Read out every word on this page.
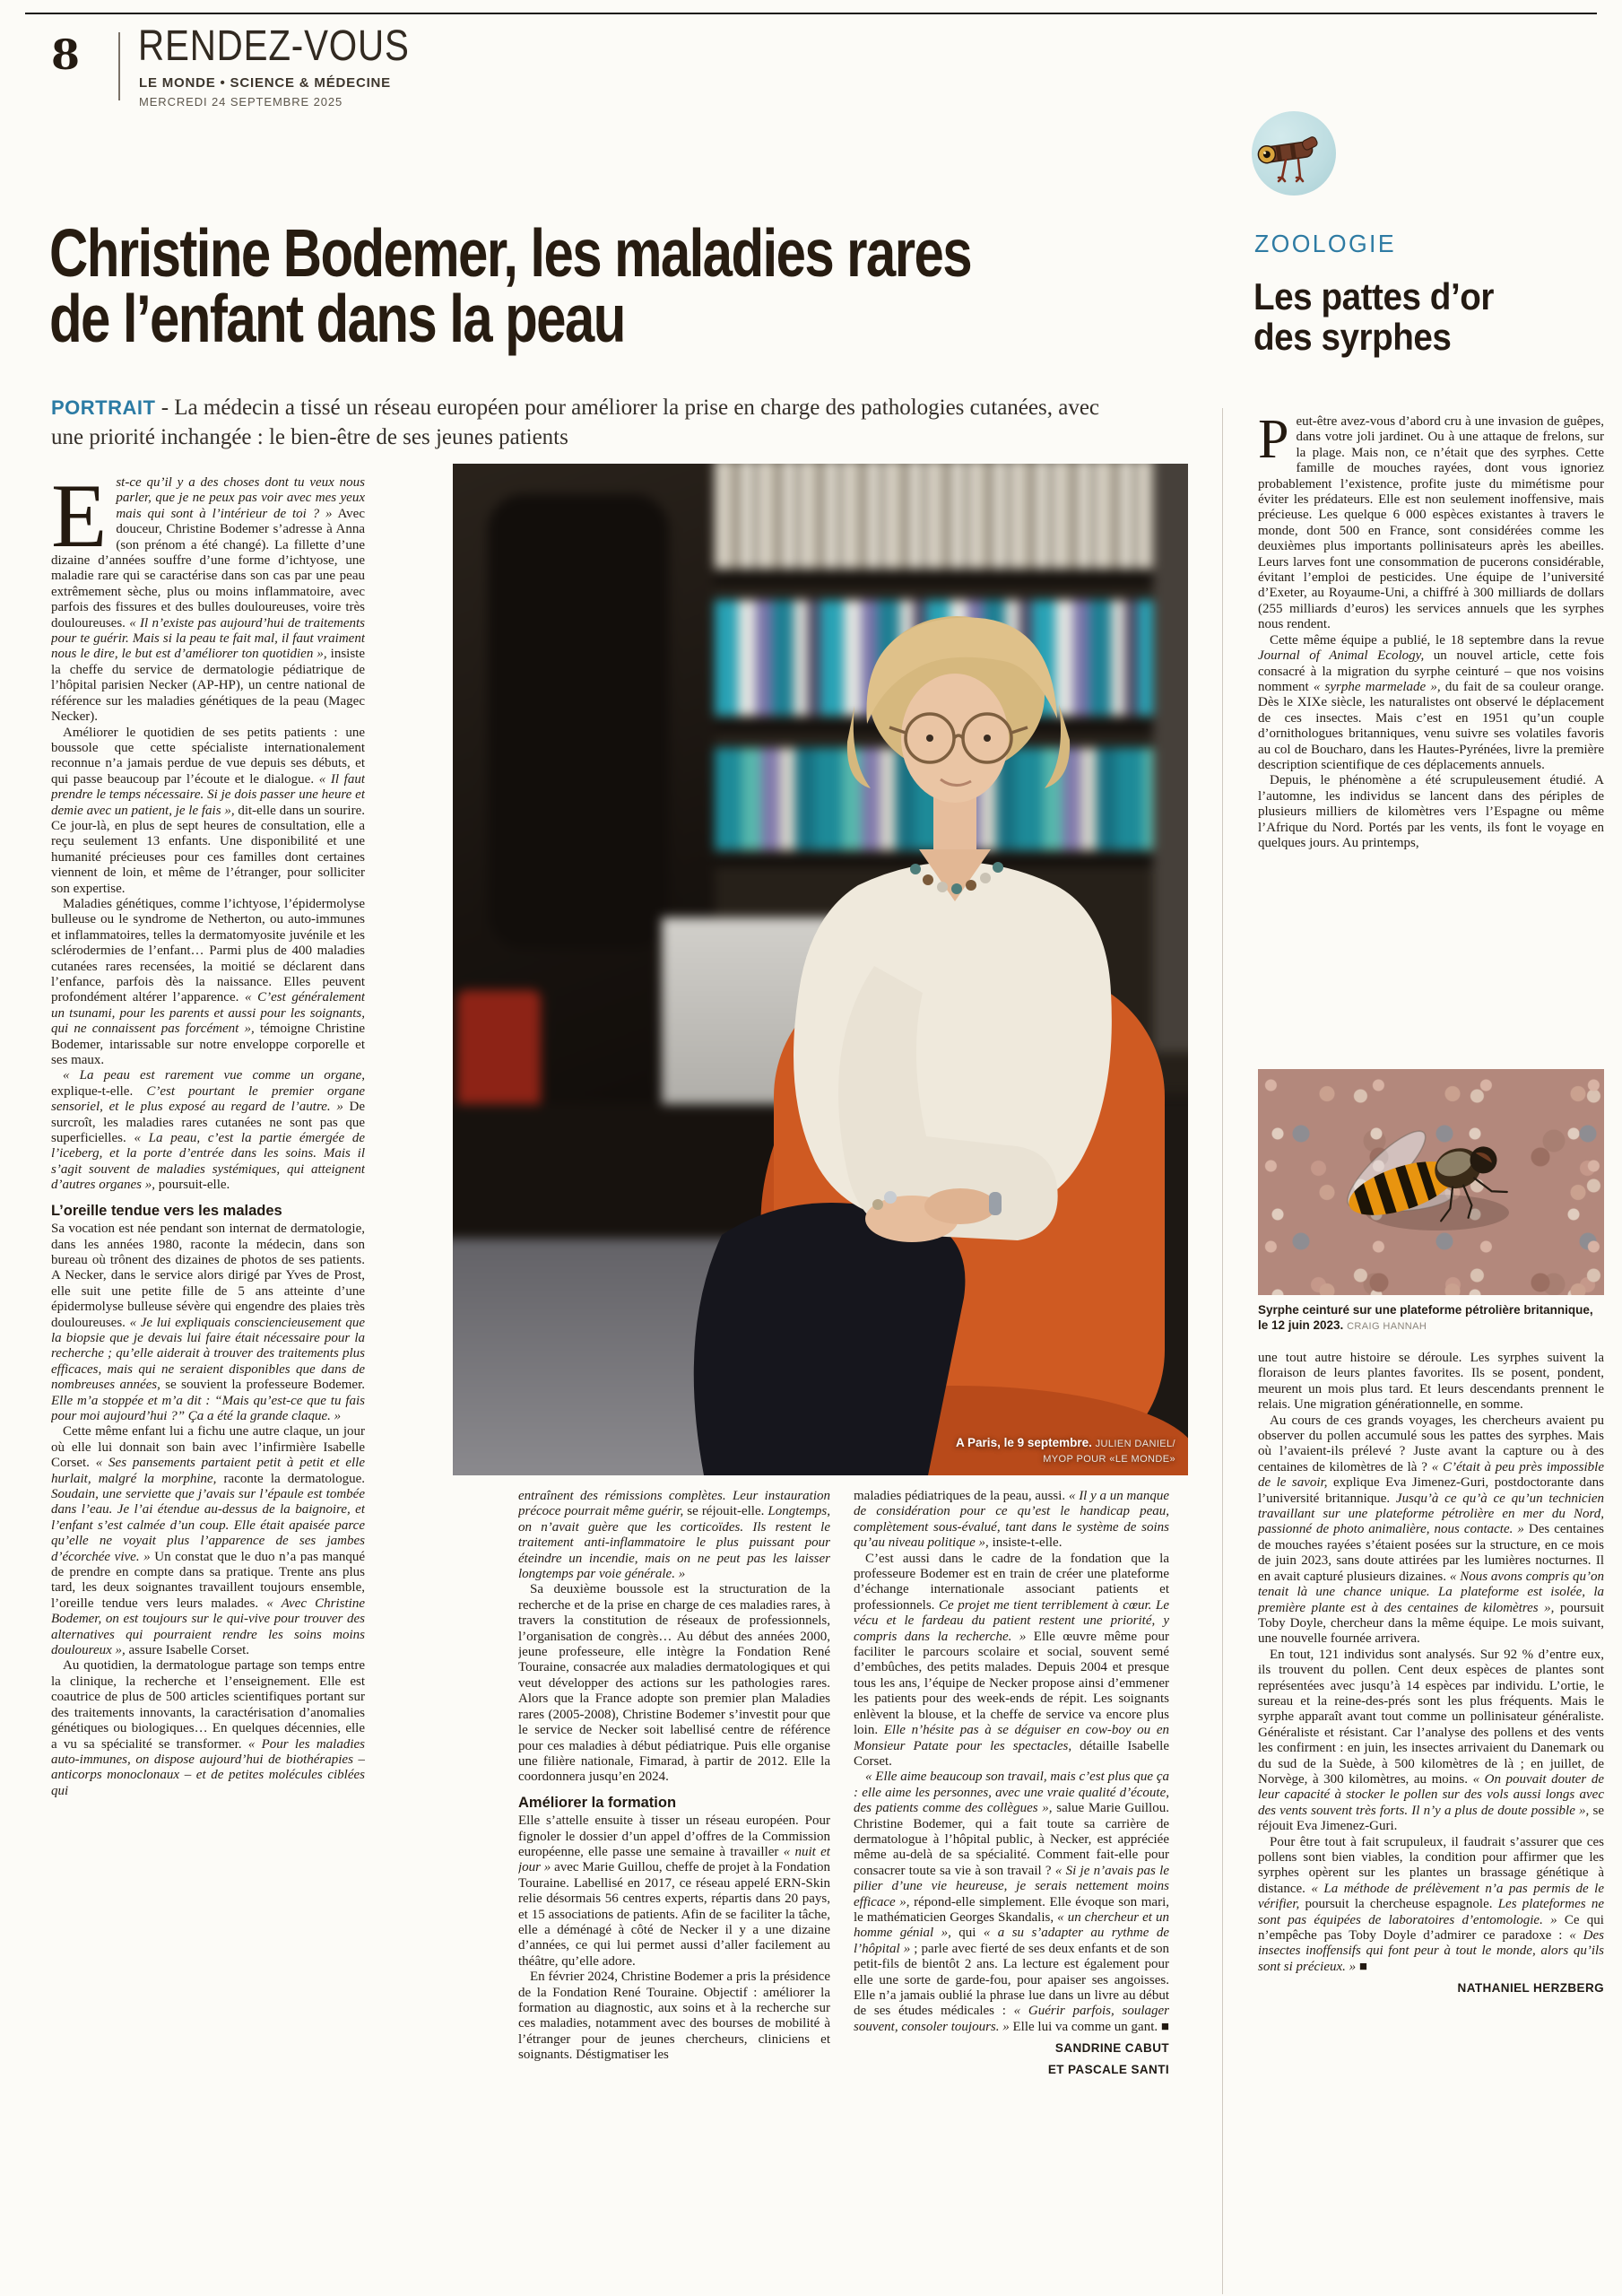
8 RENDEZ-VOUS
LE MONDE • SCIENCE & MÉDECINE
MERCREDI 24 SEPTEMBRE 2025
Christine Bodemer, les maladies rares
de l’enfant dans la peau
PORTRAIT - La médecin a tissé un réseau européen pour améliorer la prise en charge des pathologies cutanées, avec une priorité inchangée : le bien-être de ses jeunes patients
E st-ce qu’il y a des choses dont tu veux nous parler, que je ne peux pas voir avec mes yeux mais qui sont à l’intérieur de toi ? » Avec douceur, Christine Bodemer s’adresse à Anna (son prénom a été changé). La fillette d’une dizaine d’années souffre d’une forme d’ichtyose, une maladie rare qui se caractérise dans son cas par une peau extrêmement sèche, plus ou moins inflammatoire, avec parfois des fissures et des bulles douloureuses, voire très douloureuses. « Il n’existe pas aujourd’hui de traitements pour te guérir. Mais si la peau te fait mal, il faut vraiment nous le dire, le but est d’améliorer ton quotidien », insiste la cheffe du service de dermatologie pédiatrique de l’hôpital parisien Necker (AP-HP), un centre national de référence sur les maladies génétiques de la peau (Magec Necker).

Améliorer le quotidien de ses petits patients : une boussole que cette spécialiste internationalement reconnue n’a jamais perdue de vue depuis ses débuts, et qui passe beaucoup par l’écoute et le dialogue. « Il faut prendre le temps nécessaire. Si je dois passer une heure et demie avec un patient, je le fais », dit-elle dans un sourire. Ce jour-là, en plus de sept heures de consultation, elle a reçu seulement 13 enfants. Une disponibilité et une humanité précieuses pour ces familles dont certaines viennent de loin, et même de l’étranger, pour solliciter son expertise.

Maladies génétiques, comme l’ichtyose, l’épidermolyse bulleuse ou le syndrome de Netherton, ou auto-immunes et inflammatoires, telles la dermatomyosite juvénile et les sclérodermies de l’enfant… Parmi plus de 400 maladies cutanées rares recensées, la moitié se déclarent dans l’enfance, parfois dès la naissance. Elles peuvent profondément altérer l’apparence. « C’est généralement un tsunami, pour les parents et aussi pour les soignants, qui ne connaissent pas forcément », témoigne Christine Bodemer, intarissable sur notre enveloppe corporelle et ses maux.

« La peau est rarement vue comme un organe, explique-t-elle. C’est pourtant le premier organe sensoriel, et le plus exposé au regard de l’autre. » De surcroît, les maladies rares cutanées ne sont pas que superficielles. « La peau, c’est la partie émergée de l’iceberg, et la porte d’entrée dans les soins. Mais il s’agit souvent de maladies systémiques, qui atteignent d’autres organes », poursuit-elle.

L’oreille tendue vers les malades

Sa vocation est née pendant son internat de dermatologie, dans les années 1980, raconte la médecin, dans son bureau où trônent des dizaines de photos de ses patients. A Necker, dans le service alors dirigé par Yves de Prost, elle suit une petite fille de 5 ans atteinte d’une épidermolyse bulleuse sévère qui engendre des plaies très douloureuses. « Je lui expliquais consciencieusement que la biopsie que je devais lui faire était nécessaire pour la recherche ; qu’elle aiderait à trouver des traitements plus efficaces, mais qui ne seraient disponibles que dans de nombreuses années, se souvient la professeure Bodemer. Elle m’a stoppée et m’a dit : “Mais qu’est-ce que tu fais pour moi aujourd’hui ?” Ça a été la grande claque. »

Cette même enfant lui a fichu une autre claque, un jour où elle lui donnait son bain avec l’infirmière Isabelle Corset. « Ses pansements partaient petit à petit et elle hurlait, malgré la morphine, raconte la dermatologue. Soudain, une serviette que j’avais sur l’épaule est tombée dans l’eau. Je l’ai étendue au-dessus de la baignoire, et l’enfant s’est calmée d’un coup. Elle était apaisée parce qu’elle ne voyait plus l’apparence de ses jambes d’écorchée vive. » Un constat que le duo n’a pas manqué de prendre en compte dans sa pratique. Trente ans plus tard, les deux soignantes travaillent toujours ensemble, l’oreille tendue vers leurs malades. « Avec Christine Bodemer, on est toujours sur le qui-vive pour trouver des alternatives qui pourraient rendre les soins moins douloureux », assure Isabelle Corset.

Au quotidien, la dermatologue partage son temps entre la clinique, la recherche et l’enseignement. Elle est coautrice de plus de 500 articles scientifiques portant sur des traitements innovants, la caractérisation d’anomalies génétiques ou biologiques… En quelques décennies, elle a vu sa spécialité se transformer. « Pour les maladies auto-immunes, on dispose aujourd’hui de biothérapies – anticorps monoclonaux – et de petites molécules ciblées qui

A Paris, le 9 septembre. JULIEN DANIEL/
MYOP POUR «LE MONDE»

entraînent des rémissions complètes. Leur instauration précoce pourrait même guérir, se réjouit-elle. Longtemps, on n’avait guère que les corticoïdes. Ils restent le traitement anti-inflammatoire le plus puissant pour éteindre un incendie, mais on ne peut pas les laisser longtemps par voie générale. »

Sa deuxième boussole est la structuration de la recherche et de la prise en charge de ces maladies rares, à travers la constitution de réseaux de professionnels, l’organisation de congrès… Au début des années 2000, jeune professeure, elle intègre la Fondation René Touraine, consacrée aux maladies dermatologiques et qui veut développer des actions sur les pathologies rares. Alors que la France adopte son premier plan Maladies rares (2005-2008), Christine Bodemer s’investit pour que le service de Necker soit labellisé centre de référence pour ces maladies à début pédiatrique. Puis elle organise une filière nationale, Fimarad, à partir de 2012. Elle la coordonnera jusqu’en 2024.

Améliorer la formation

Elle s’attelle ensuite à tisser un réseau européen. Pour fignoler le dossier d’un appel d’offres de la Commission européenne, elle passe une semaine à travailler « nuit et jour » avec Marie Guillou, cheffe de projet à la Fondation Touraine. Labellisé en 2017, ce réseau appelé ERN-Skin relie désormais 56 centres experts, répartis dans 20 pays, et 15 associations de patients. Afin de se faciliter la tâche, elle a déménagé à côté de Necker il y a une dizaine d’années, ce qui lui permet aussi d’aller facilement au théâtre, qu’elle adore.

En février 2024, Christine Bodemer a pris la présidence de la Fondation René Touraine. Objectif : améliorer la formation au diagnostic, aux soins et à la recherche sur ces maladies, notamment avec des bourses de mobilité à l’étranger pour de jeunes chercheurs, cliniciens et soignants. Déstigmatiser les

maladies pédiatriques de la peau, aussi. « Il y a un manque de considération pour ce qu’est le handicap peau, complètement sous-évalué, tant dans le système de soins qu’au niveau politique », insiste-t-elle.

C’est aussi dans le cadre de la fondation que la professeure Bodemer est en train de créer une plateforme d’échange internationale associant patients et professionnels. Ce projet me tient terriblement à cœur. Le vécu et le fardeau du patient restent une priorité, y compris dans la recherche. » Elle œuvre même pour faciliter le parcours scolaire et social, souvent semé d’embûches, des petits malades. Depuis 2004 et presque tous les ans, l’équipe de Necker propose ainsi d’emmener les patients pour des week-ends de répit. Les soignants enlèvent la blouse, et la cheffe de service va encore plus loin. Elle n’hésite pas à se déguiser en cow-boy ou en Monsieur Patate pour les spectacles, détaille Isabelle Corset.

« Elle aime beaucoup son travail, mais c’est plus que ça : elle aime les personnes, avec une vraie qualité d’écoute, des patients comme des collègues », salue Marie Guillou. Christine Bodemer, qui a fait toute sa carrière de dermatologue à l’hôpital public, à Necker, est appréciée même au-delà de sa spécialité. Comment fait-elle pour consacrer toute sa vie à son travail ? « Si je n’avais pas le pilier d’une vie heureuse, je serais nettement moins efficace », répond-elle simplement. Elle évoque son mari, le mathématicien Georges Skandalis, « un chercheur et un homme génial », qui « a su s’adapter au rythme de l’hôpital » ; parle avec fierté de ses deux enfants et de son petit-fils de bientôt 2 ans. La lecture est également pour elle une sorte de garde-fou, pour apaiser ses angoisses. Elle n’a jamais oublié la phrase lue dans un livre au début de ses études médicales : « Guérir parfois, soulager souvent, consoler toujours. » Elle lui va comme un gant. ■

SANDRINE CABUT

ET PASCALE SANTI

ZOOLOGIE
Les pattes d’or
des syrphes
P eut-être avez-vous d’abord cru à une invasion de guêpes, dans votre joli jardinet. Ou à une attaque de frelons, sur la plage. Mais non, ce n’était que des syrphes. Cette famille de mouches rayées, dont vous ignoriez probablement l’existence, profite juste du mimétisme pour éviter les prédateurs. Elle est non seulement inoffensive, mais précieuse. Les quelque 6 000 espèces existantes à travers le monde, dont 500 en France, sont considérées comme les deuxièmes plus importants pollinisateurs après les abeilles. Leurs larves font une consommation de pucerons considérable, évitant l’emploi de pesticides. Une équipe de l’université d’Exeter, au Royaume-Uni, a chiffré à 300 milliards de dollars (255 milliards d’euros) les services annuels que les syrphes nous rendent.

Cette même équipe a publié, le 18 septembre dans la revue Journal of Animal Ecology, un nouvel article, cette fois consacré à la migration du syrphe ceinturé – que nos voisins nomment « syrphe marmelade », du fait de sa couleur orange. Dès le XIXe siècle, les naturalistes ont observé le déplacement de ces insectes. Mais c’est en 1951 qu’un couple d’ornithologues britanniques, venu suivre ses volatiles favoris au col de Boucharo, dans les Hautes-Pyrénées, livre la première description scientifique de ces déplacements annuels.

Depuis, le phénomène a été scrupuleusement étudié. A l’automne, les individus se lancent dans des périples de plusieurs milliers de kilomètres vers l’Espagne ou même l’Afrique du Nord. Portés par les vents, ils font le voyage en quelques jours. Au printemps,

Syrphe ceinturé sur une plateforme pétrolière britannique, le 12 juin 2023. CRAIG HANNAH

une tout autre histoire se déroule. Les syrphes suivent la floraison de leurs plantes favorites. Ils se posent, pondent, meurent un mois plus tard. Et leurs descendants prennent le relais. Une migration générationnelle, en somme.

Au cours de ces grands voyages, les chercheurs avaient pu observer du pollen accumulé sous les pattes des syrphes. Mais où l’avaient-ils prélevé ? Juste avant la capture ou à des centaines de kilomètres de là ? « C’était à peu près impossible de le savoir, explique Eva Jimenez-Guri, postdoctorante dans l’université britannique. Jusqu’à ce qu’à ce qu’un technicien travaillant sur une plateforme pétrolière en mer du Nord, passionné de photo animalière, nous contacte. » Des centaines de mouches rayées s’étaient posées sur la structure, en ce mois de juin 2023, sans doute attirées par les lumières nocturnes. Il en avait capturé plusieurs dizaines. « Nous avons compris qu’on tenait là une chance unique. La plateforme est isolée, la première plante est à des centaines de kilomètres », poursuit Toby Doyle, chercheur dans la même équipe. Le mois suivant, une nouvelle fournée arrivera.

En tout, 121 individus sont analysés. Sur 92 % d’entre eux, ils trouvent du pollen. Cent deux espèces de plantes sont représentées avec jusqu’à 14 espèces par individu. L’ortie, le sureau et la reine-des-prés sont les plus fréquents. Mais le syrphe apparaît avant tout comme un pollinisateur généraliste. Généraliste et résistant. Car l’analyse des pollens et des vents les confirment : en juin, les insectes arrivaient du Danemark ou du sud de la Suède, à 500 kilomètres de là ; en juillet, de Norvège, à 300 kilomètres, au moins. « On pouvait douter de leur capacité à stocker le pollen sur des vols aussi longs avec des vents souvent très forts. Il n’y a plus de doute possible », se réjouit Eva Jimenez-Guri.

Pour être tout à fait scrupuleux, il faudrait s’assurer que ces pollens sont bien viables, la condition pour affirmer que les syrphes opèrent sur les plantes un brassage génétique à distance. « La méthode de prélèvement n’a pas permis de le vérifier, poursuit la chercheuse espagnole. Les plateformes ne sont pas équipées de laboratoires d’entomologie. » Ce qui n’empêche pas Toby Doyle d’admirer ce paradoxe : « Des insectes inoffensifs qui font peur à tout le monde, alors qu’ils sont si précieux. » ■

NATHANIEL HERZBERG
